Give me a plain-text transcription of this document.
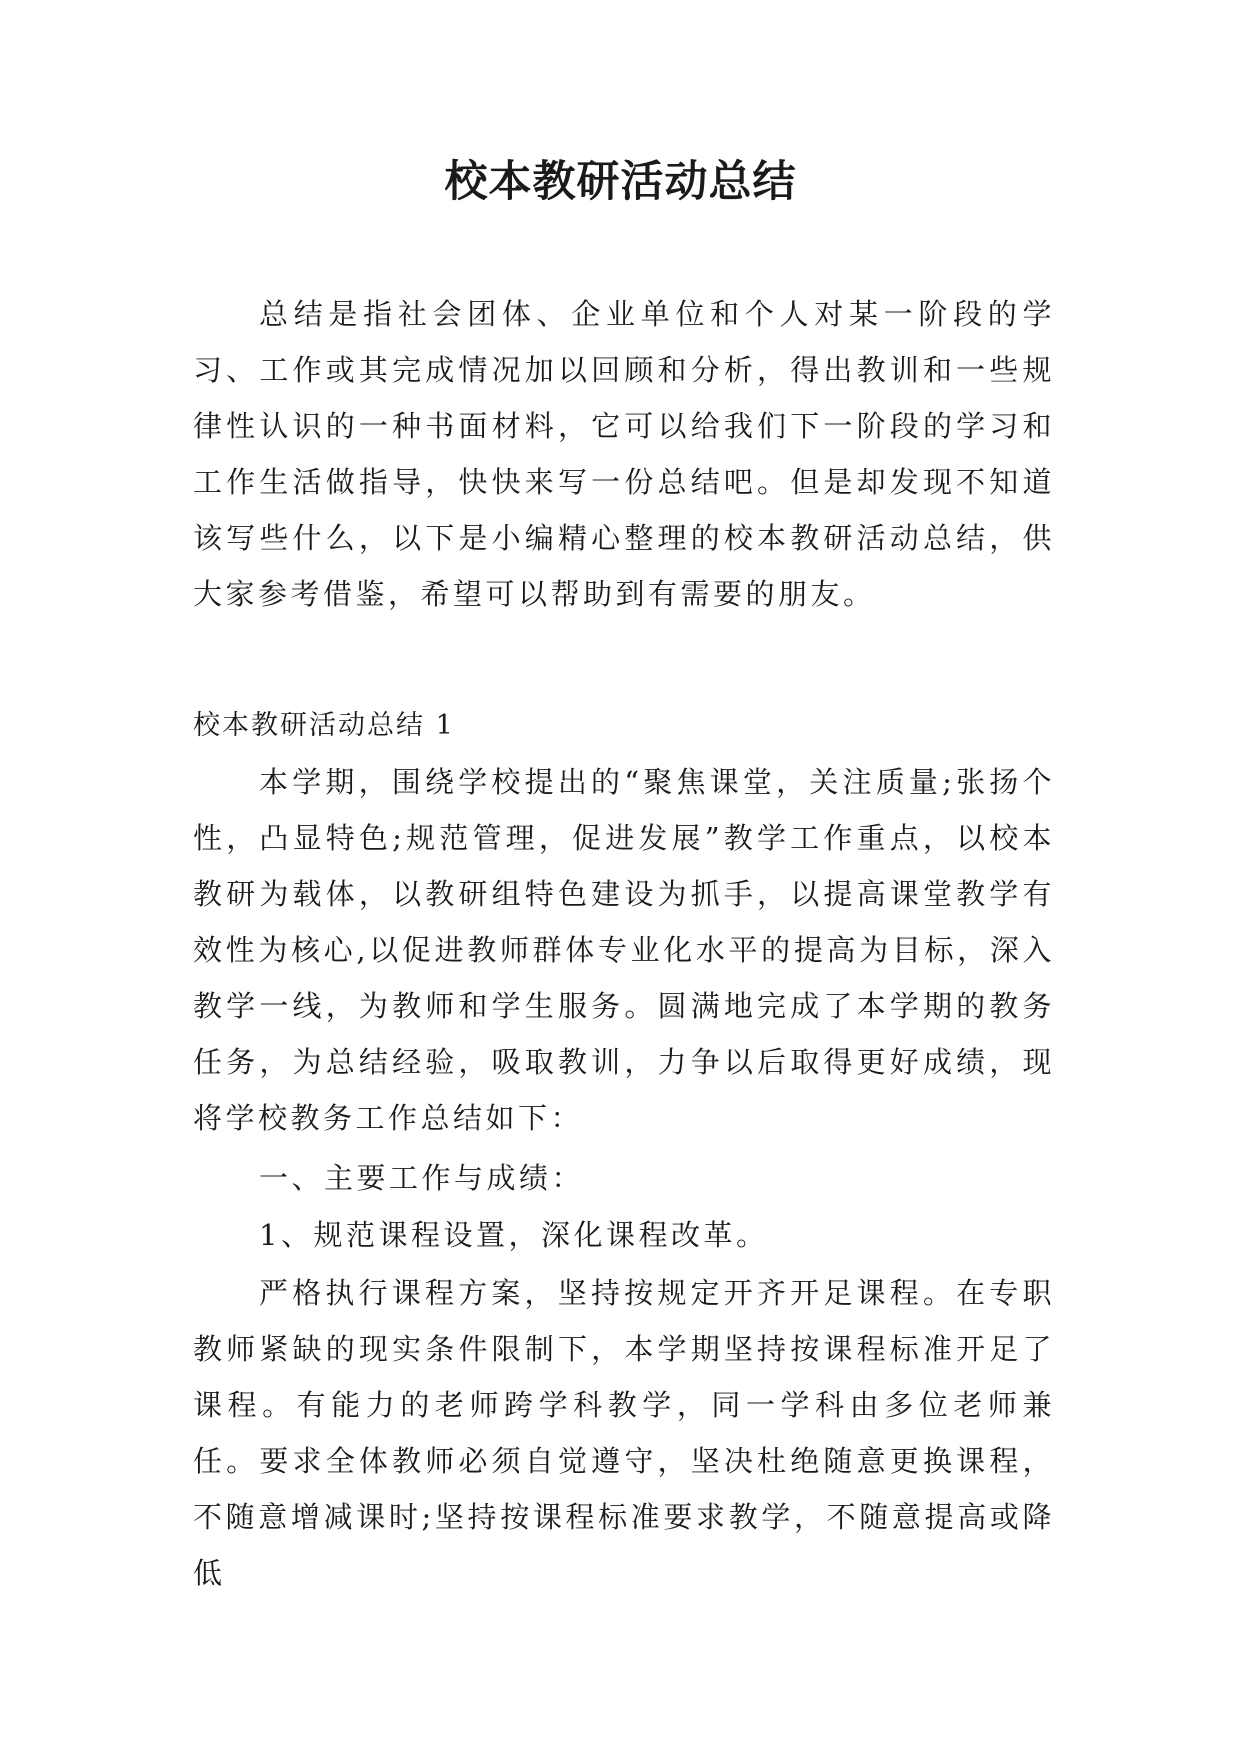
校本教研活动总结
总结是指社会团体、企业单位和个人对某一阶段的学习、工作或其完成情况加以回顾和分析，得出教训和一些规律性认识的一种书面材料，它可以给我们下一阶段的学习和工作生活做指导，快快来写一份总结吧。但是却发现不知道该写些什么，以下是小编精心整理的校本教研活动总结，供大家参考借鉴，希望可以帮助到有需要的朋友。
校本教研活动总结 1
本学期，围绕学校提出的“聚焦课堂，关注质量;张扬个性，凸显特色;规范管理，促进发展”教学工作重点，以校本教研为载体，以教研组特色建设为抓手，以提高课堂教学有效性为核心,以促进教师群体专业化水平的提高为目标，深入教学一线，为教师和学生服务。圆满地完成了本学期的教务任务，为总结经验，吸取教训，力争以后取得更好成绩，现将学校教务工作总结如下：
一、主要工作与成绩：
1、规范课程设置，深化课程改革。
严格执行课程方案，坚持按规定开齐开足课程。在专职教师紧缺的现实条件限制下，本学期坚持按课程标准开足了课程。有能力的老师跨学科教学，同一学科由多位老师兼任。要求全体教师必须自觉遵守，坚决杜绝随意更换课程，不随意增减课时;坚持按课程标准要求教学，不随意提高或降低
